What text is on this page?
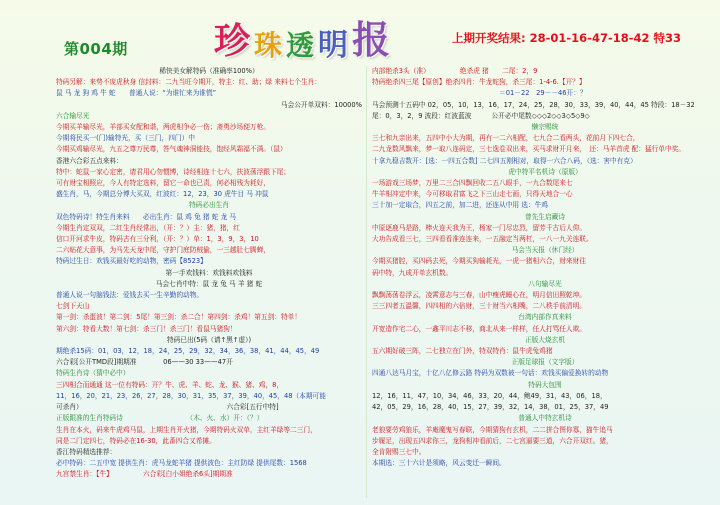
第004期 珍 珠 透 明 报	上期开奖结果: 28-01-16-47-18-42 特33
稀快美女解特码（准确率100%）
特码另解：来势不庞虎秋身 信封料：二九当旺今期开，特主：红、助；绿 来料七个生肖：
鼠 马 龙 狗 鸡 牛 蛇　　普通人说：“为谁忙来为谁慌”
马会公开单双料：10000%
六合输尽光
今期买羊输尽光，羊部买女配和谐，两虎相争必一伤；斋勇沙场便万枪。
今期将民买一(门)输特光，买（三门，四门）中
今期买鸡输尽光，九五之尊万民尊，答气魂神洞能技，饱经风霜福不满。（鼠）
香港六合彩五点来料：
特中：蛇鼠一家心定密，请君用心勿惯博，诗经相连十七六，扶波荡浮跟下尾；
可有财宝相照应，今人有特定选料，留它一命也已责，何必相残为耗好，
盛生肖，马，今期总分博大买双，红波红：12，23，30 虎牛目 马 冲鼠
特码必出生肖
双色特码诗！特生肖来料　　必出生肖：鼠 鸡 兔 猪 蛇 龙 马
今期生肖定双双，二红生肖经常出，（开：？）主：猪，猪，红
信口开河求牛皮，特码古有三分利，（开：？）单：1，3，9，3，10
二六贴花大意事，为马先天龙中尾，守护门庭防贼偷，一三越肚七腾蝉，
特码过生日：欢钱买最好吃的动物，密码【8523】
第一手欢钱料：欢钱料欢钱料
马会七肖中特：鼠 龙 兔 马 羊 猪 蛇
普通人说一句脑钱法：爱钱去买一生辛勤的动物。
七剑下天山
第一剑：杀蛋波！第二剑：5尾！第三剑：杀二合！第四剑：杀鸡！第五剑：特单！
第六剑：特看大数！第七剑：杀三门！杀三门！看鼠马猪狗！
特码已出(5码（请↑黑↑虚）)
期绝杀15码：01，03，12，18，24，25，29，32，34，36，38，41，44，45，49
六合彩[公开TMD段]期期准　　　　06——30 33——47开
特码生肖诗（猜中必中）
三四相合而通通 这一位有特码：开？牛、虎、羊、蛇、龙、猴、猪、鸡，8，
11，16，20，21，23，26，27，28，30，31，35，37，39，40，45，48（本期可能
可杀肖）　　　　　　　　　　　　　　　　　　　　　　六合彩[五行中特]
正版跟准的生肖特码诗　　　　　　　　　　（木、火、水）开：（？）
生肖在本火，码来牛虎鸡马鼠，上期生肖开火猪，今期特码火双单，主红羊绿等二三门，
同是二门定四七，特码必在16-30，此番四合又希摊。
香江特码精选推荐：
必中特码：二五中宽 提供生肖：虎马龙蛇羊猪 提供波色：主红防绿 提供尾数：1568
九宫禁生肖：【牛】　　　　　六合彩[白小姐绝杀6头]期期准
内部绝杀3头（准）　　　　　绝杀虎 猪　　二尾：2，9
特码绝杀四三尾【原创】绝杀四肖：牛龙蛇狗，杀三尾：1-4-6.【开？】
　　　　　　　　　　　　　　　　　　　＝01－22　29－－46开：？
马会预测十五码中 02，05，10，13，16，17，24，25，28，30，33，39，40，44，45 特段：18－32
尾：0，3，2，9 波段：红波蓝波　　　公开必中尾数◇◇◇2◇◇3◇5◇9◇
懒宗赐统
三七和九亲出来，五四中小大为期，再有一二六相配，七九合二看两头，花前月下四七合，
二九龙数风飘来，梦一取八连码定，三七逸卷双出来，买马求财开月来，　还：马羊首虎 配：猛行单中奖。
十拿九稳吉数开：[选：一四五合数] 二七四五刚相对，取得一六合八码，（选：害中有克）
虎中特平名机诗（原版）
一场游戏三场梦，万里二三合四飘回收二五八眼手，一九合数尾来七
牛羊相冲定中来，今可移取君富飞之下三山走七画，只得天地合一心
三十加一定取合，四五之前，加二进，还连从中用 选：牛鸡
曾先生启藏诗
中原逐鹿马是路，棒火连天我为王，杨家一门尽忠烈，留芳千古后人仰。
大功告成看三七，三四看看准连连来，一五融定当两杠，一八一九关连联。
马会当天报（休门经）
今期买猪腔，买四码去死，今期买狗输耗光，一虎一猪相六合，财来财往
码中特，九成开单玄机数。
八句输尽光
飘飘荡荡卷浮云，凌霄意志与三春，山中瘦虎睡心在，明月信田照乾坤。
三三四者五温馨，四四相的六倍财，三十财当六相嘴，二八秩手前清明。
台湾内部作真来料
开宽造作宅二心，一鑫平川志不移，商北从来一样样，任人打骂任人欺。
正版大烧玄机
五六期好破三阵，二七独立在门外，特双特肖：鼠牛虎兔鸡猪
正版足球报（文字版）
四通八达马月宝，十亿八亿修云路 特码为双数被一句话：欢钱买偏爱换转的动物
特码大包围
12，16，11，47，10，34，46，33，20，44，鲍49，31，43，06，18，
42，05，29，16，28，40，15，27，39，32，14，38，01，25，37，49
普通人中特玄机诗
老狼要劳鸡狼乐，羊庵魔鬼写春联，今期猜狗有玄机，二二拼合图你寡，猫牛追马
步履足，出现五四求你三，龙狗相冲看前后，二七宫逼要三道，六合开双红。猪，
全肯附赐三七中。
本期选：三十六计是须略，风云变迁一瞬间。
